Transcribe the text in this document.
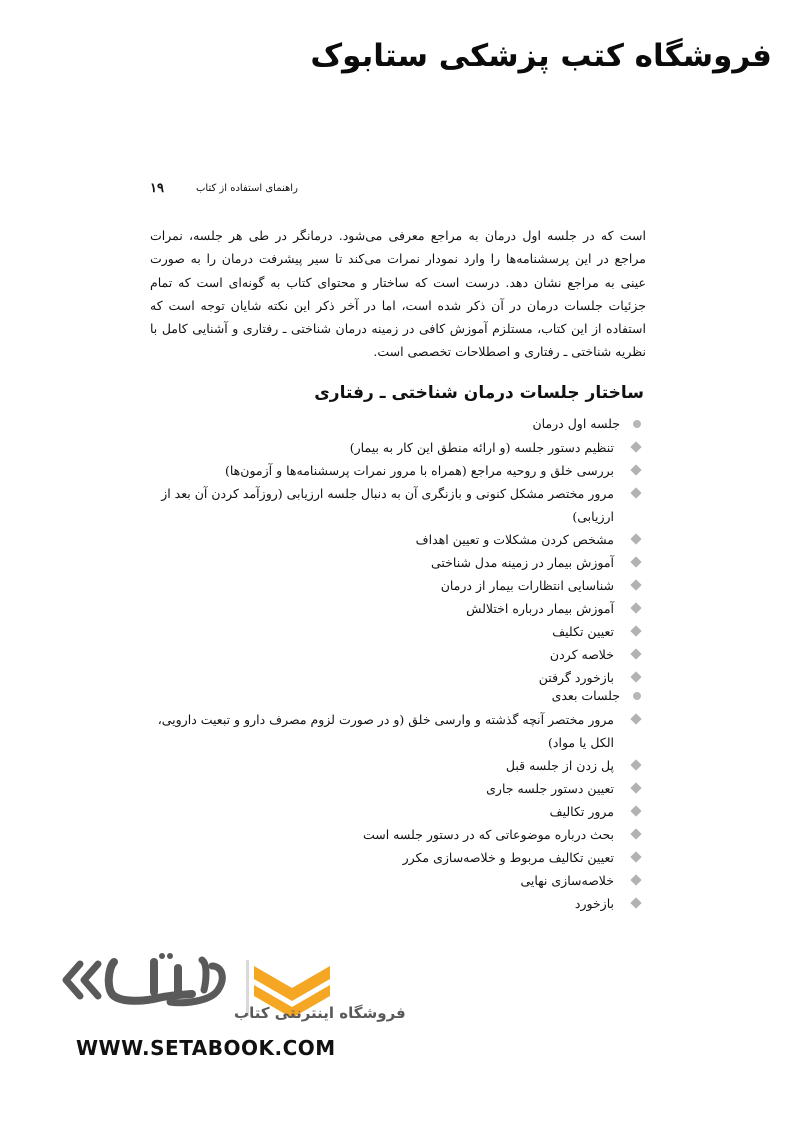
فروشگاه کتب پزشکی ستابوک
۱۹	راهنمای استفاده از کتاب

است که در جلسه اول درمان به مراجع معرفی می‌شود. درمانگر در طی هر جلسه، نمرات مراجع در این پرسشنامه‌ها را وارد نمودار نمرات می‌کند تا سیر پیشرفت درمان را به صورت عینی به مراجع نشان دهد. درست است که ساختار و محتوای کتاب به گونه‌ای است که تمام جزئیات جلسات درمان در آن ذکر شده است، اما در آخر ذکر این نکته شایان توجه است که استفاده از این کتاب، مستلزم آموزش کافی در زمینه درمان شناختی ـ رفتاری و آشنایی کامل با نظریه شناختی ـ رفتاری و اصطلاحات تخصصی است.

ساختار جلسات درمان شناختی ـ رفتاری
جلسه اول درمان
تنظیم دستور جلسه (و ارائه منطق این کار به بیمار)
بررسی خلق و روحیه مراجع (همراه با مرور نمرات پرسشنامه‌ها و آزمون‌ها)
مرور مختصر مشکل کنونی و بازنگری آن به دنبال جلسه ارزیابی (روزآمد کردن آن بعد از ارزیابی)
مشخص کردن مشکلات و تعیین اهداف
آموزش بیمار در زمینه مدل شناختی
شناسایی انتظارات بیمار از درمان
آموزش بیمار درباره اختلالش
تعیین تکلیف
خلاصه کردن
بازخورد گرفتن
جلسات بعدی
مرور مختصر آنچه گذشته و وارسی خلق (و در صورت لزوم مصرف دارو و تبعیت دارویی، الکل یا مواد)
پل زدن از جلسه قبل
تعیین دستور جلسه جاری
مرور تکالیف
بحث درباره موضوعاتی که در دستور جلسه است
تعیین تکالیف مربوط و خلاصه‌سازی مکرر
خلاصه‌سازی نهایی
بازخورد
فروشگاه اینترنتی کتاب
WWW.SETABOOK.COM
